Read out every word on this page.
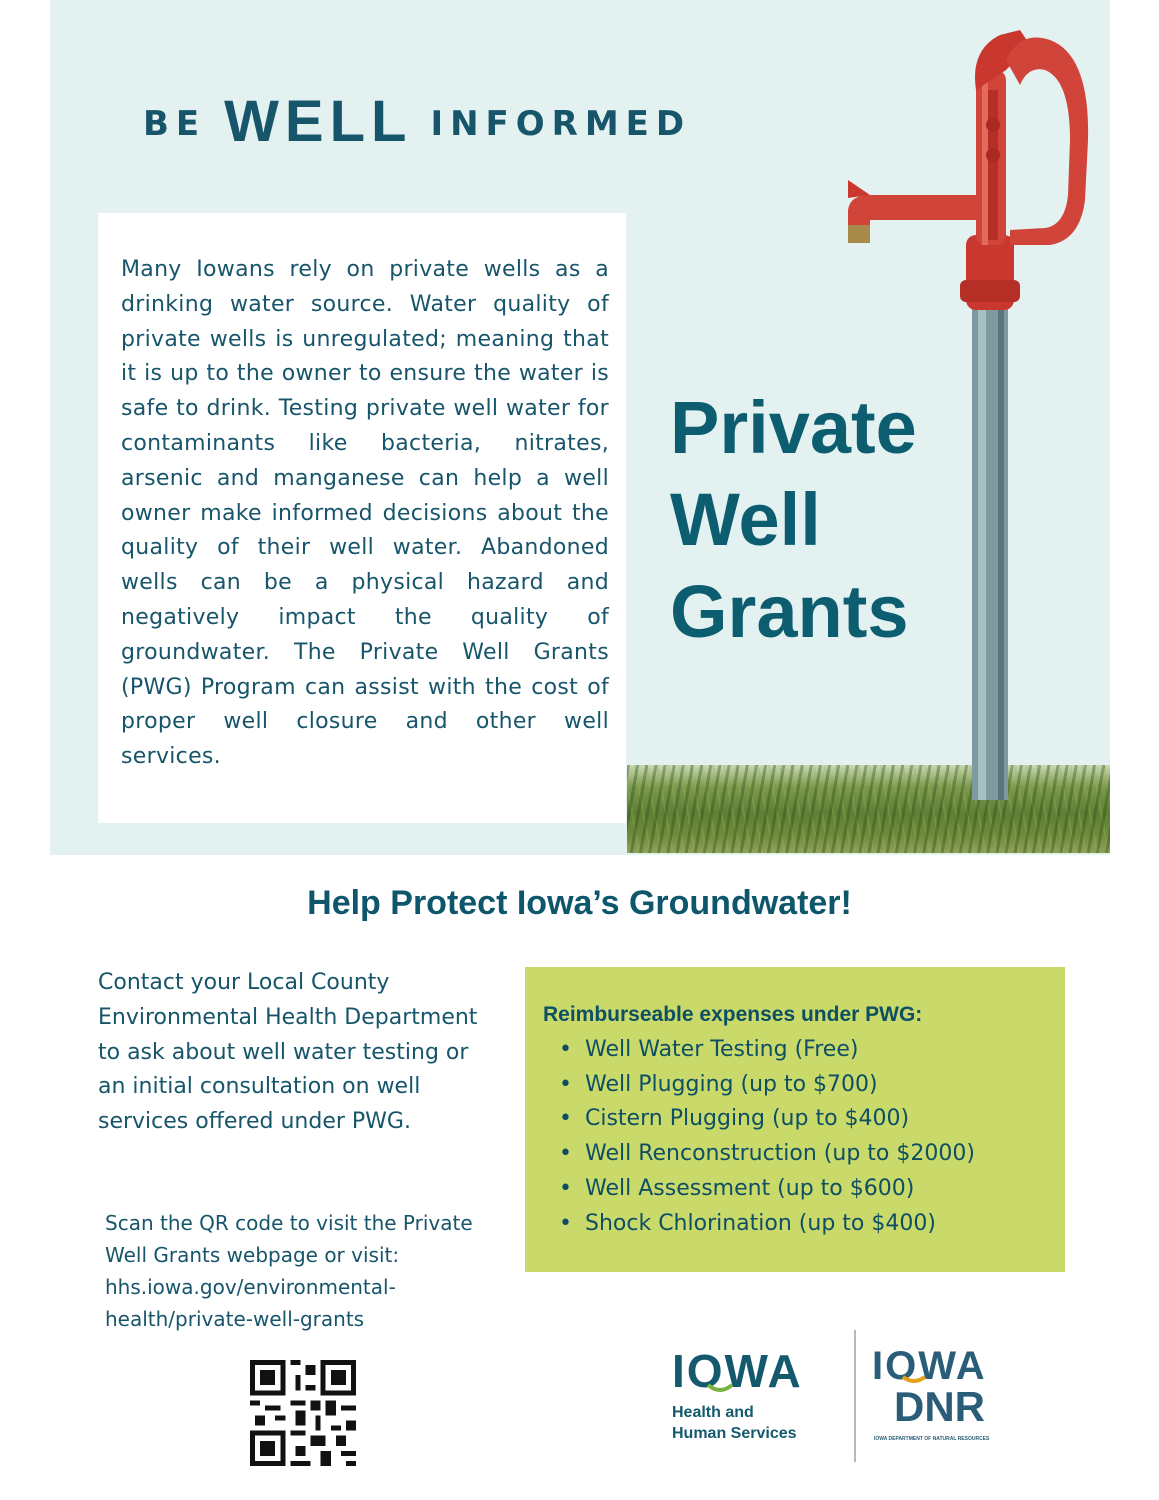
BE WELL INFORMED
Many Iowans rely on private wells as a drinking water source. Water quality of private wells is unregulated; meaning that it is up to the owner to ensure the water is safe to drink. Testing private well water for contaminants like bacteria, nitrates, arsenic and manganese can help a well owner make informed decisions about the quality of their well water. Abandoned wells can be a physical hazard and negatively impact the quality of groundwater. The Private Well Grants (PWG) Program can assist with the cost of proper well closure and other well services.
Private
Well
Grants
Help Protect Iowa’s Groundwater!
Contact your Local County Environmental Health Department to ask about well water testing or an initial consultation on well services offered under PWG.
Scan the QR code to visit the Private Well Grants webpage or visit: hhs.iowa.gov/environmental-health/private-well-grants
Reimburseable expenses under PWG:
• Well Water Testing (Free)
• Well Plugging (up to $700)
• Cistern Plugging (up to $400)
• Well Renconstruction (up to $2000)
• Well Assessment (up to $600)
• Shock Chlorination (up to $400)
IOWA
Health and
Human Services
IOWA
DNR
IOWA DEPARTMENT OF NATURAL RESOURCES
